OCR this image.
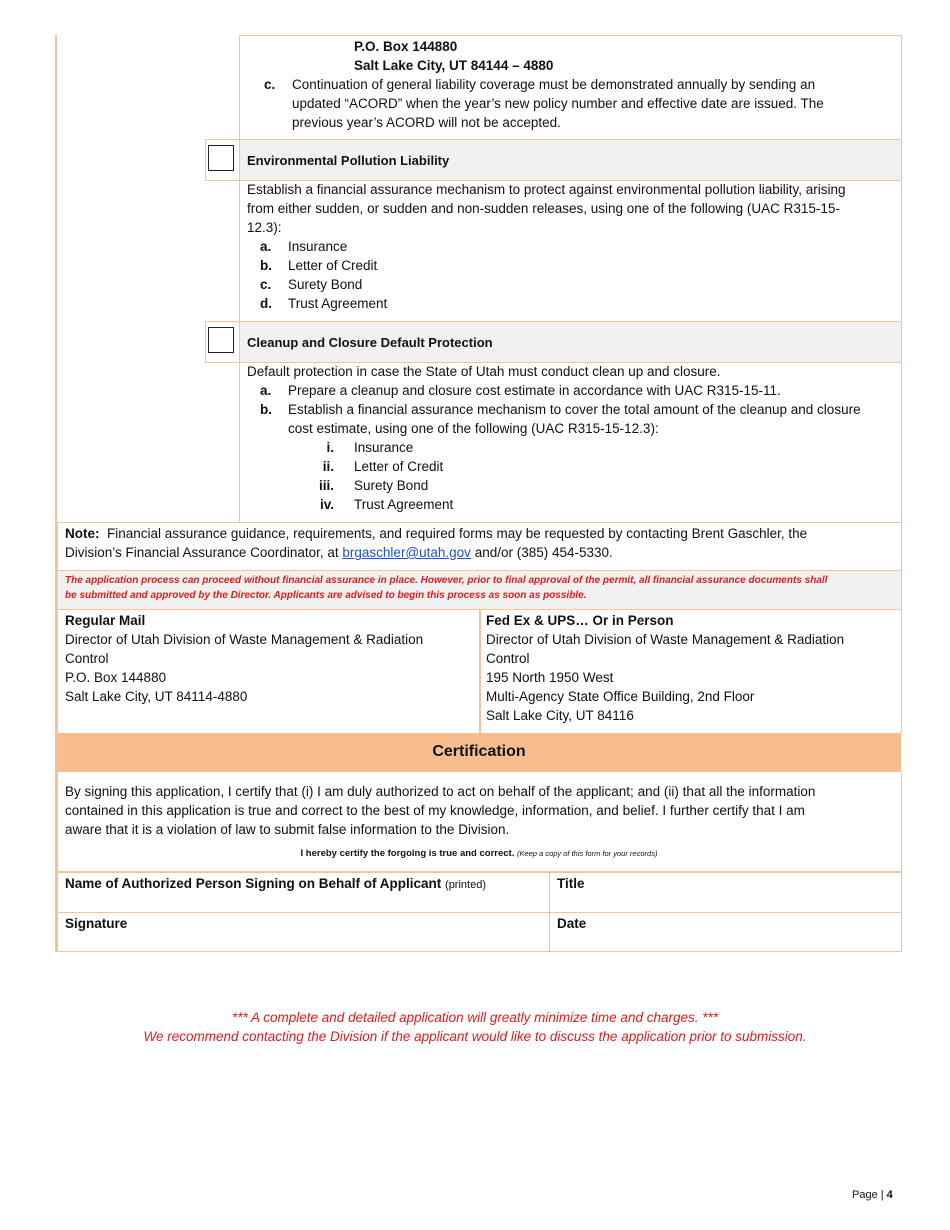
P.O. Box 144880
Salt Lake City, UT 84144 – 4880
c. Continuation of general liability coverage must be demonstrated annually by sending an
updated “ACORD” when the year’s new policy number and effective date are issued. The
previous year’s ACORD will not be accepted.
Environmental Pollution Liability
Establish a financial assurance mechanism to protect against environmental pollution liability, arising
from either sudden, or sudden and non-sudden releases, using one of the following (UAC R315-15-
12.3):
a. Insurance
b. Letter of Credit
c. Surety Bond
d. Trust Agreement
Cleanup and Closure Default Protection
Default protection in case the State of Utah must conduct clean up and closure.
a. Prepare a cleanup and closure cost estimate in accordance with UAC R315-15-11.
b. Establish a financial assurance mechanism to cover the total amount of the cleanup and closure
cost estimate, using one of the following (UAC R315-15-12.3):
i. Insurance
ii. Letter of Credit
iii. Surety Bond
iv. Trust Agreement
Note: Financial assurance guidance, requirements, and required forms may be requested by contacting Brent Gaschler, the
Division’s Financial Assurance Coordinator, at brgaschler@utah.gov and/or (385) 454-5330.
The application process can proceed without financial assurance in place. However, prior to final approval of the permit, all financial assurance documents shall
be submitted and approved by the Director. Applicants are advised to begin this process as soon as possible.
Regular Mail
Director of Utah Division of Waste Management & Radiation
Control
P.O. Box 144880
Salt Lake City, UT 84114-4880
Fed Ex & UPS… Or in Person
Director of Utah Division of Waste Management & Radiation
Control
195 North 1950 West
Multi-Agency State Office Building, 2nd Floor
Salt Lake City, UT 84116
Certification
By signing this application, I certify that (i) I am duly authorized to act on behalf of the applicant; and (ii) that all the information
contained in this application is true and correct to the best of my knowledge, information, and belief. I further certify that I am
aware that it is a violation of law to submit false information to the Division.
I hereby certify the forgoing is true and correct. (Keep a copy of this form for your records)
Name of Authorized Person Signing on Behalf of Applicant (printed)	Title
Signature	Date
*** A complete and detailed application will greatly minimize time and charges. ***
We recommend contacting the Division if the applicant would like to discuss the application prior to submission.
Page | 4
